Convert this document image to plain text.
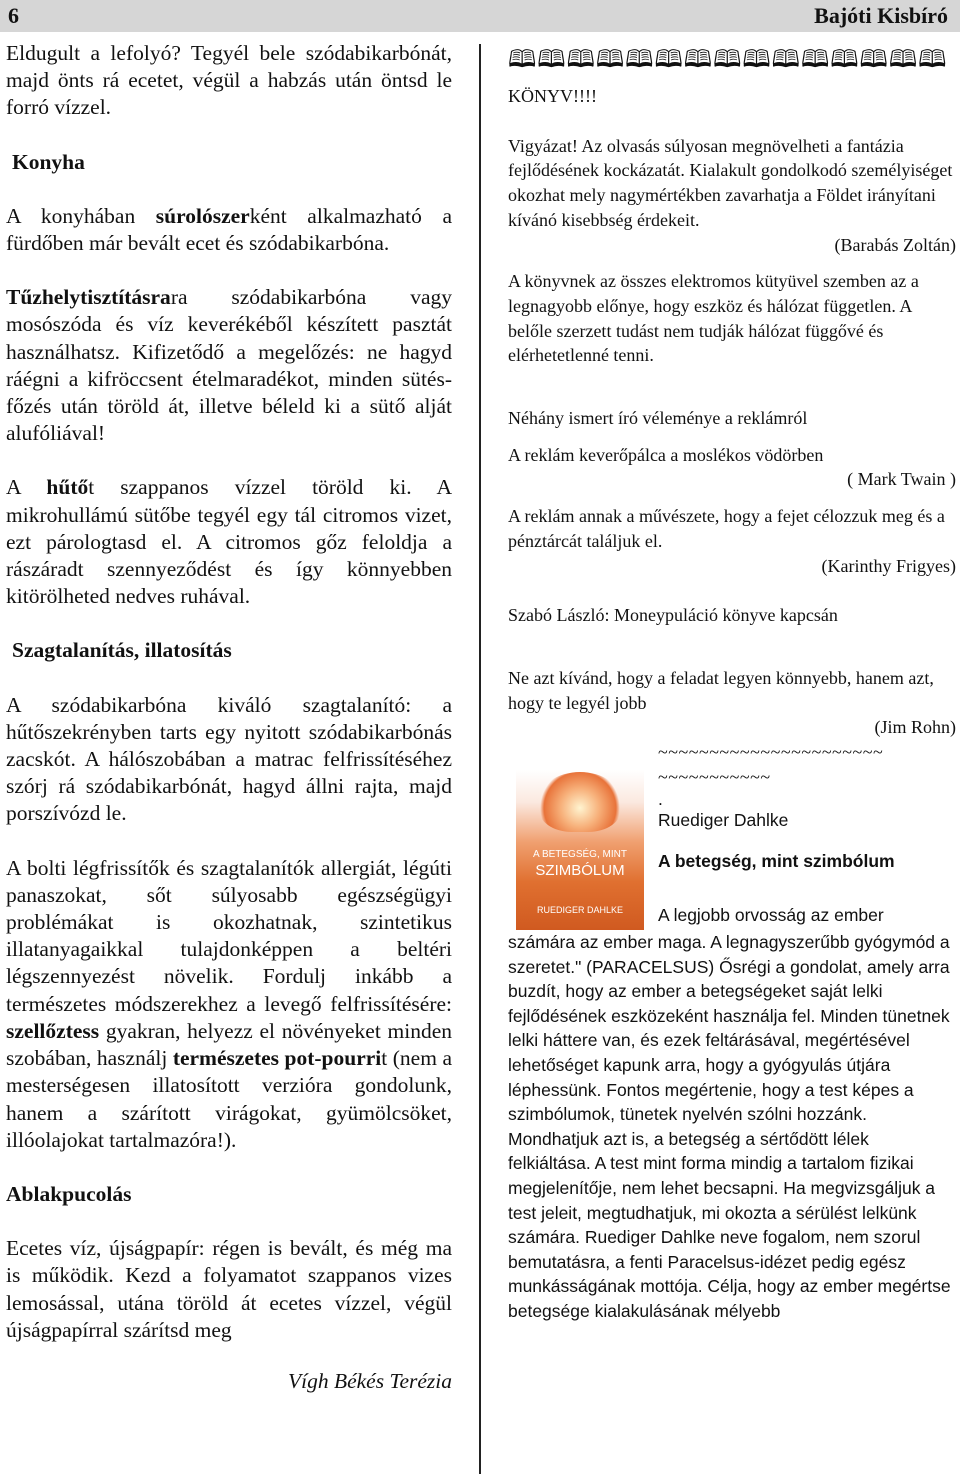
6	Bajóti Kisbíró

Eldugult a lefolyó? Tegyél bele szódabikarbónát, majd önts rá ecetet, végül a habzás után öntsd le forró vízzel.

Konyha

A konyhában súrolószerként alkalmazható a fürdőben már bevált ecet és szódabikarbóna.

Tűzhelytisztításrara szódabikarbóna vagy mosószóda és víz keverékéből készített pasztát használhatsz. Kifizetődő a megelőzés: ne hagyd ráégni a kifröccsent ételmaradékot, minden sütés-főzés után töröld át, illetve béleld ki a sütő alját alufóliával!

A hűtőt szappanos vízzel töröld ki. A mikrohullámú sütőbe tegyél egy tál citromos vizet, ezt párologtasd el. A citromos gőz feloldja a rászáradt szennyeződést és így könnyebben kitörölheted nedves ruhával.

Szagtalanítás, illatosítás

A szódabikarbóna kiváló szagtalanító: a hűtőszekrényben tarts egy nyitott szódabikarbónás zacskót. A hálószobában a matrac felfrissítéséhez szórj rá szódabikarbónát, hagyd állni rajta, majd porszívózd le.

A bolti légfrissítők és szagtalanítók allergiát, légúti panaszokat, sőt súlyosabb egészségügyi problémákat is okozhatnak, szintetikus illatanyagaikkal tulajdonképpen a beltéri légszennyezést növelik. Fordulj inkább a természetes módszerekhez a levegő felfrissítésére: szellőztess gyakran, helyezz el növényeket minden szobában, használj természetes pot-pourrit (nem a mesterségesen illatosított verzióra gondolunk, hanem a szárított virágokat, gyümölcsöket, illóolajokat tartalmazóra!).

Ablakpucolás

Ecetes víz, újságpapír: régen is bevált, és még ma is működik. Kezd a folyamatot szappanos vizes lemosással, utána töröld át ecetes vízzel, végül újságpapírral szárítsd meg

Vígh Békés Terézia

🕮🕮🕮🕮🕮🕮🕮🕮🕮🕮🕮🕮🕮🕮🕮

KÖNYV!!!!

Vigyázat! Az olvasás súlyosan megnövelheti a fantázia fejlődésének kockázatát. Kialakult gondolkodó személyiséget okozhat mely nagymértékben zavarhatja a Földet irányítani kívánó kisebbség érdekeit.

(Barabás Zoltán)

A könyvnek az összes elektromos kütyüvel szemben az a legnagyobb előnye, hogy eszköz és hálózat független. A belőle szerzett tudást nem tudják hálózat függővé és elérhetetlenné tenni.

Néhány ismert író véleménye a reklámról

A reklám keverőpálca a moslékos vödörben

( Mark Twain )

A reklám annak a művészete, hogy a fejet célozzuk meg és a pénztárcát találjuk el.

(Karinthy Frigyes)

Szabó László: Moneypuláció könyve kapcsán

Ne azt kívánd, hogy a feladat legyen könnyebb, hanem azt, hogy te legyél jobb

(Jim Rohn)

A BETEGSÉG, MINT
SZIMBÓLUM
RUEDIGER DAHLKE
~~~~~~~~~~~~~~~~~~~~~~
~~~~~~~~~~~
.
Ruediger Dahlke
A betegség, mint szimbólum
A legjobb orvosság az ember

számára az ember maga. A legnagyszerűbb gyógymód a szeretet." (PARACELSUS) Ősrégi a gondolat, amely arra buzdít, hogy az ember a betegségeket saját lelki fejlődésének eszközeként használja fel. Minden tünetnek lelki háttere van, és ezek feltárásával, megértésével lehetőséget kapunk arra, hogy a gyógyulás útjára léphessünk. Fontos megértenie, hogy a test képes a szimbólumok, tünetek nyelvén szólni hozzánk. Mondhatjuk azt is, a betegség a sértődött lélek felkiáltása. A test mint forma mindig a tartalom fizikai megjelenítője, nem lehet becsapni. Ha megvizsgáljuk a test jeleit, megtudhatjuk, mi okozta a sérülést lelkünk számára. Ruediger Dahlke neve fogalom, nem szorul bemutatásra, a fenti Paracelsus-idézet pedig egész munkásságának mottója. Célja, hogy az ember megértse betegsége kialakulásának mélyebb
